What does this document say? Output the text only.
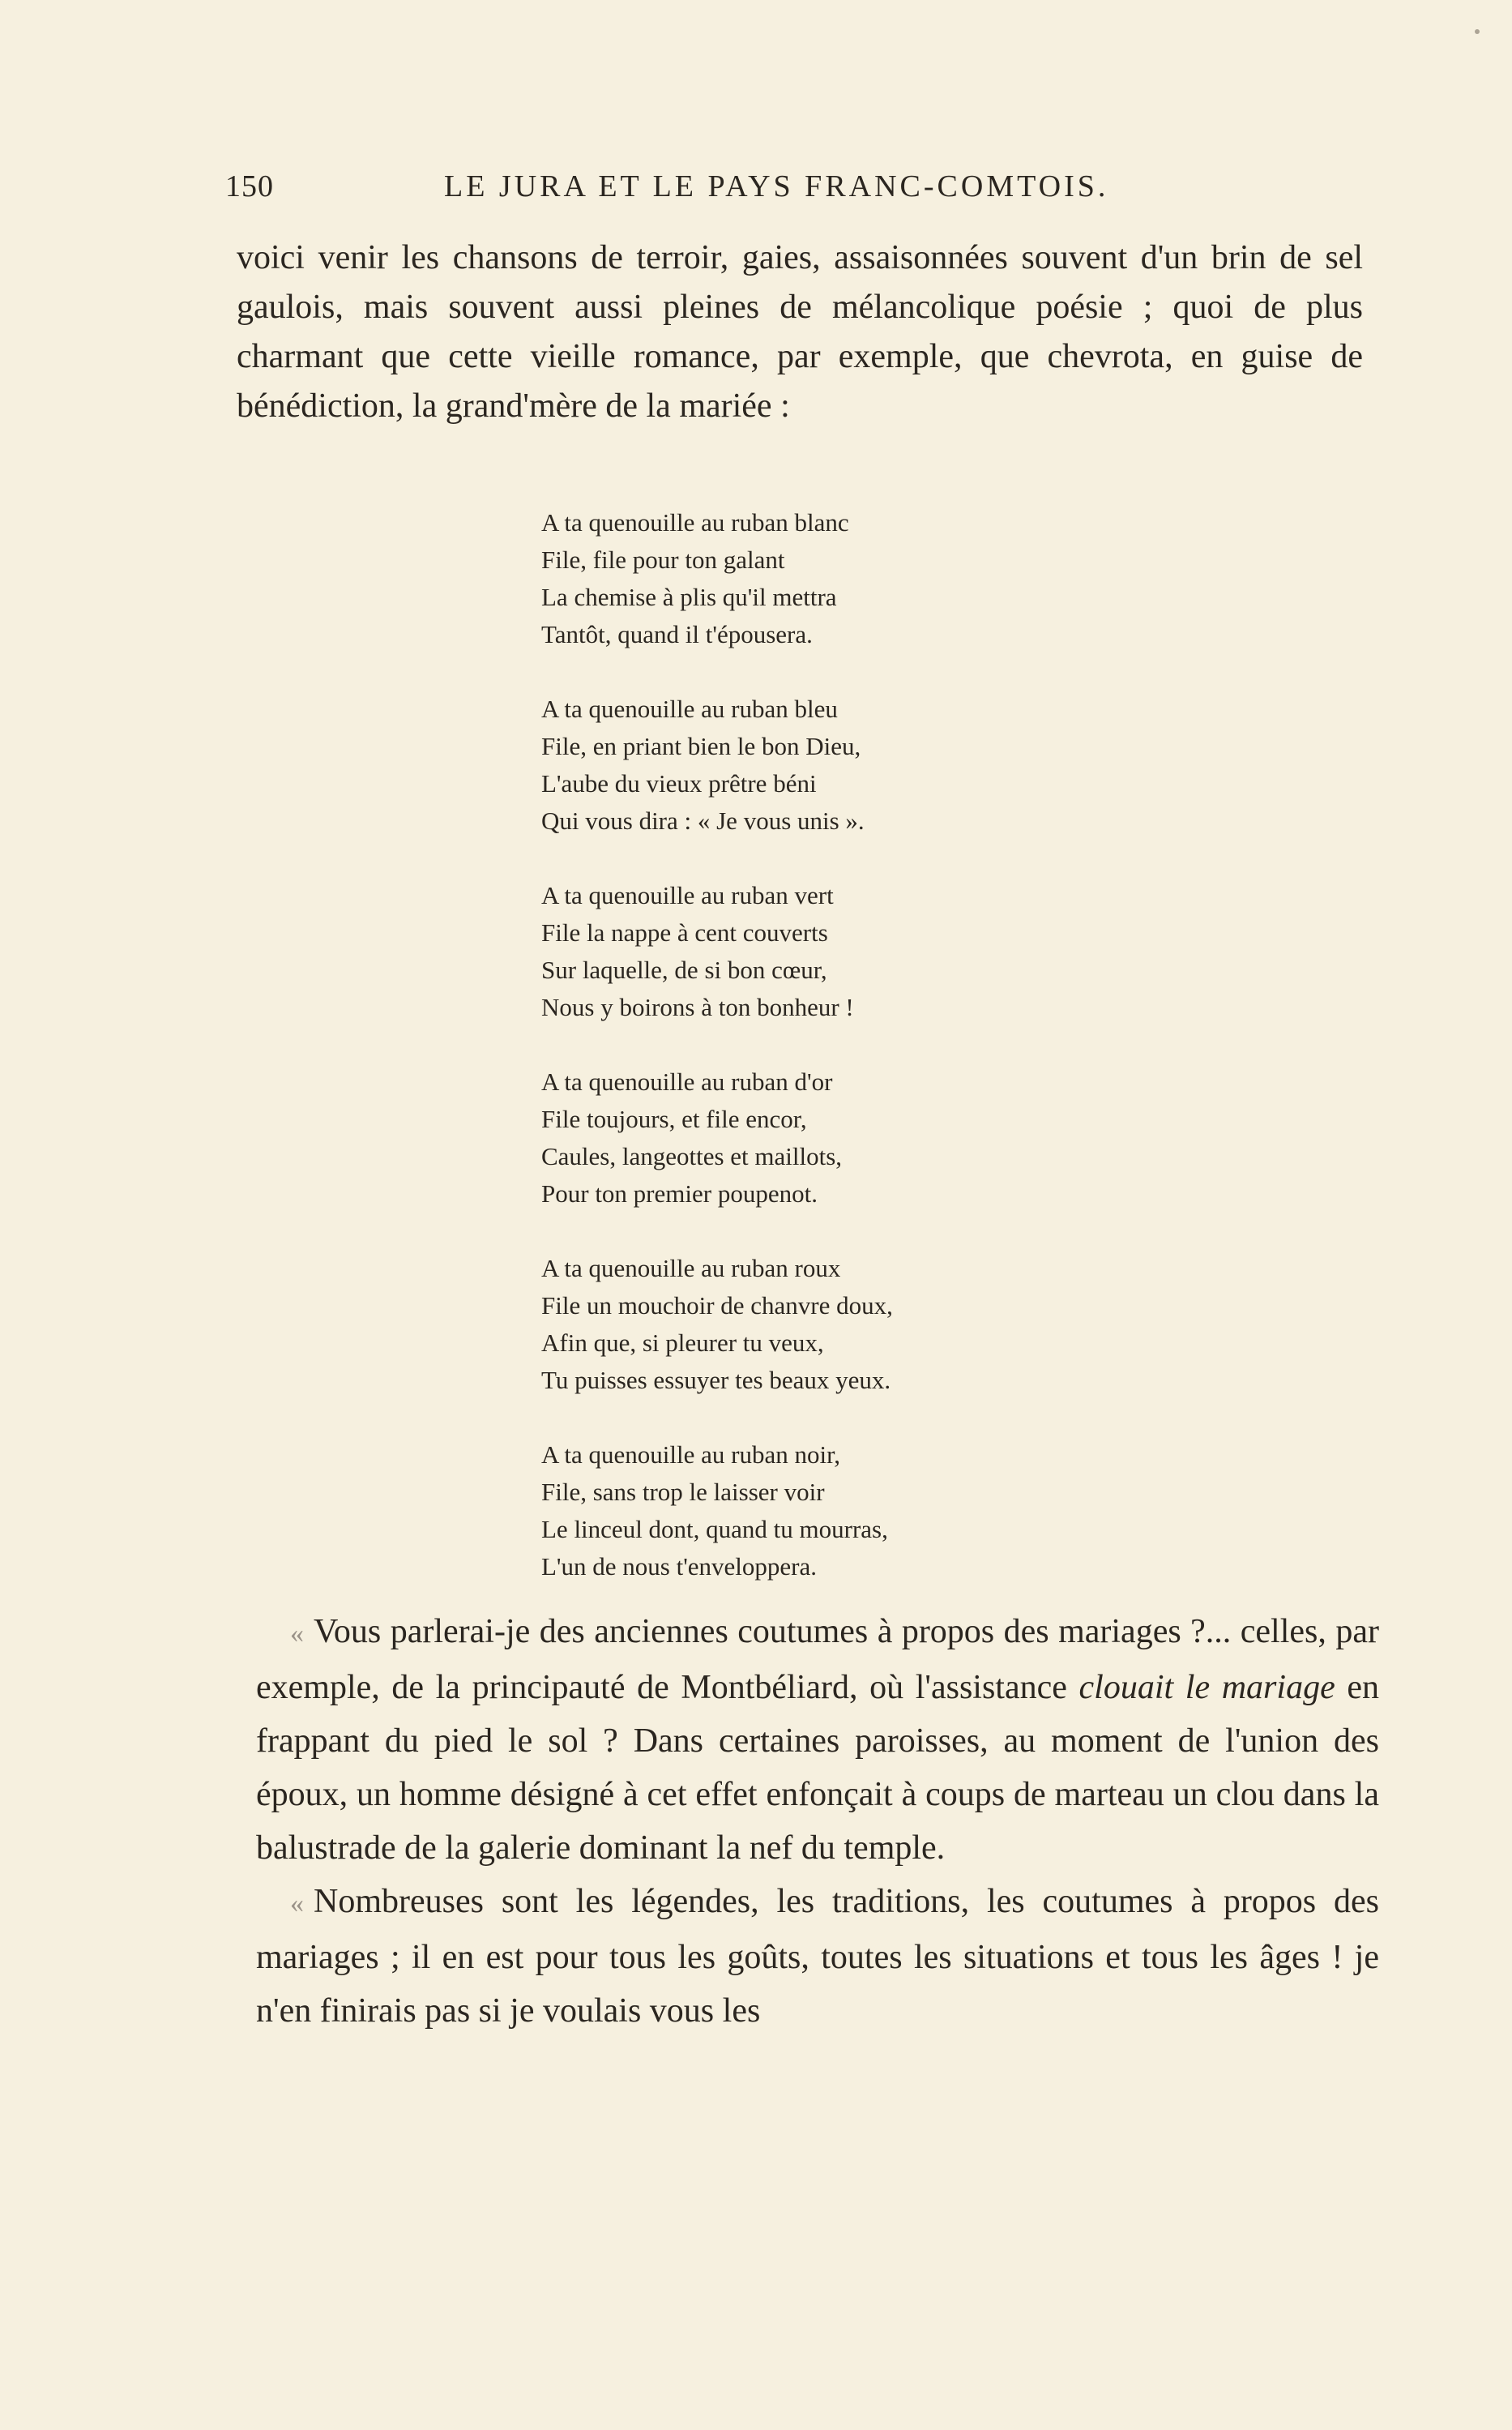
150	LE JURA ET LE PAYS FRANC-COMTOIS.

voici venir les chansons de terroir, gaies, assaisonnées souvent d'un brin de sel gaulois, mais souvent aussi pleines de mélancolique poésie ; quoi de plus charmant que cette vieille romance, par exemple, que chevrota, en guise de bénédiction, la grand'mère de la mariée :

A ta quenouille au ruban blanc
File, file pour ton galant
La chemise à plis qu'il mettra
Tantôt, quand il t'épousera.
A ta quenouille au ruban bleu
File, en priant bien le bon Dieu,
L'aube du vieux prêtre béni
Qui vous dira : « Je vous unis ».
A ta quenouille au ruban vert
File la nappe à cent couverts
Sur laquelle, de si bon cœur,
Nous y boirons à ton bonheur !
A ta quenouille au ruban d'or
File toujours, et file encor,
Caules, langeottes et maillots,
Pour ton premier poupenot.
A ta quenouille au ruban roux
File un mouchoir de chanvre doux,
Afin que, si pleurer tu veux,
Tu puisses essuyer tes beaux yeux.
A ta quenouille au ruban noir,
File, sans trop le laisser voir
Le linceul dont, quand tu mourras,
L'un de nous t'enveloppera.

« Vous parlerai-je des anciennes coutumes à propos des mariages ?... celles, par exemple, de la principauté de Montbéliard, où l'assistance clouait le mariage en frappant du pied le sol ? Dans certaines paroisses, au moment de l'union des époux, un homme désigné à cet effet enfonçait à coups de marteau un clou dans la balustrade de la galerie dominant la nef du temple.

« Nombreuses sont les légendes, les traditions, les coutumes à propos des mariages ; il en est pour tous les goûts, toutes les situations et tous les âges ! je n'en finirais pas si je voulais vous les
